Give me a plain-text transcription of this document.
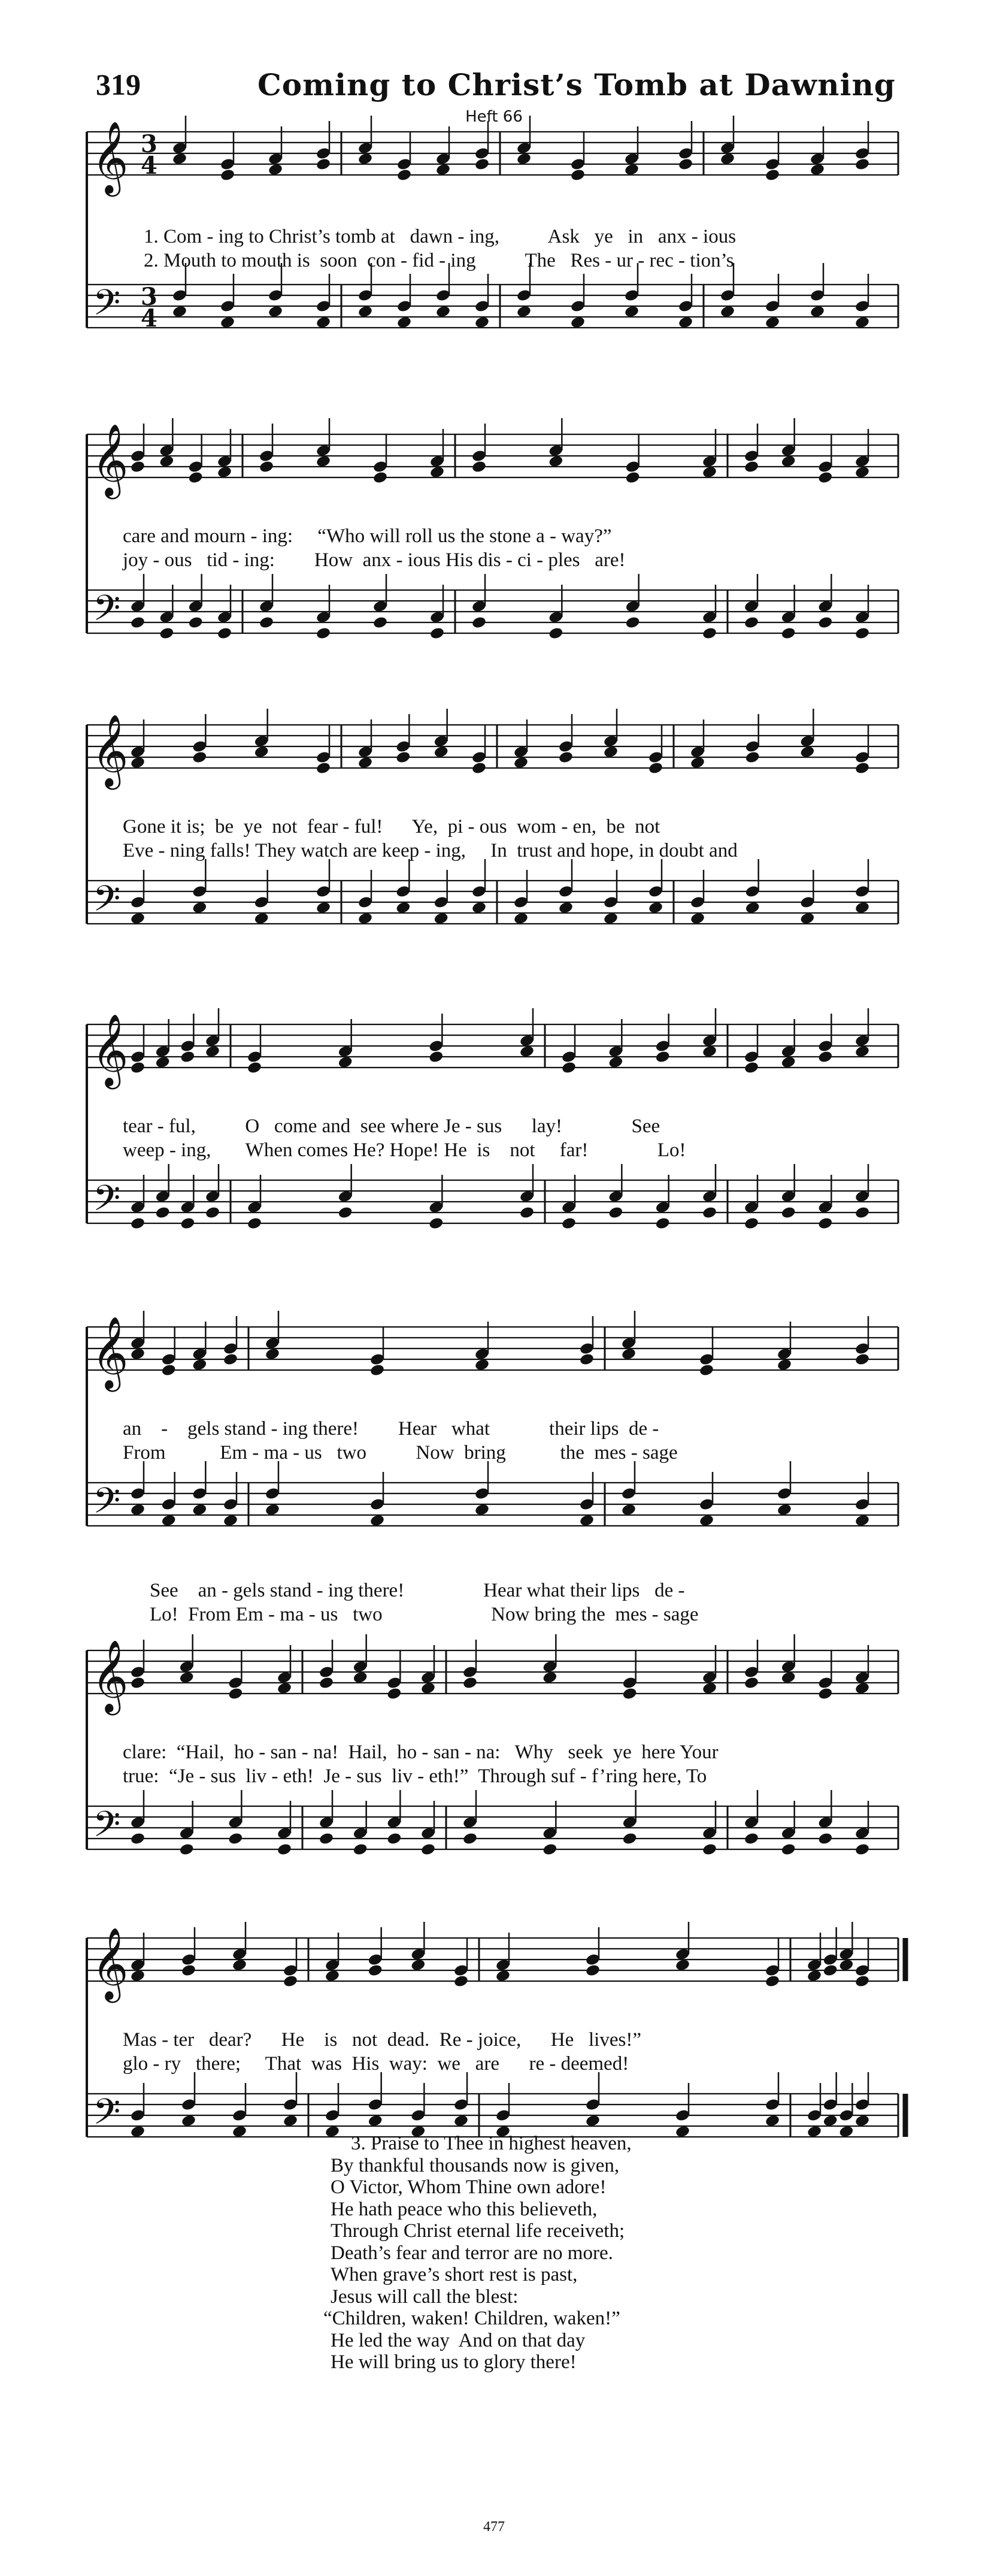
319	Coming to Christ’s Tomb at Dawning
Heft 66
𝄞
𝄢
3
4
3
4
1. Com - ing to Christ’s tomb at   dawn - ing,          Ask   ye   in   anx - ious
2. Mouth to mouth is  soon  con - fid - ing          The   Res - ur - rec - tion’s
𝄞
𝄢
care and mourn - ing:     “Who will roll us the stone a - way?”
joy - ous   tid - ing:        How  anx - ious His dis - ci - ples   are!
𝄞
𝄢
Gone it is;  be  ye  not  fear - ful!      Ye,  pi - ous  wom - en,  be  not
Eve - ning falls! They watch are keep - ing,     In  trust and hope, in doubt and
𝄞
𝄢
tear - ful,          O   come and  see where Je - sus      lay!              See
weep - ing,       When comes He? Hope! He  is    not     far!              Lo!
𝄞
𝄢
an    -    gels stand - ing there!        Hear   what            their lips  de -
From           Em - ma - us   two          Now  bring           the  mes - sage
See    an - gels stand - ing there!                Hear what their lips   de -
Lo!  From Em - ma - us   two                      Now bring the  mes - sage
𝄞
𝄢
clare:  “Hail,  ho - san - na!  Hail,  ho - san - na:   Why   seek  ye  here Your
true:  “Je - sus  liv - eth!  Je - sus  liv - eth!”  Through suf - f’ring here, To
𝄞
𝄢
Mas - ter   dear?      He    is   not  dead.  Re - joice,      He   lives!”
glo - ry   there;     That  was  His  way:  we   are      re - deemed!
3. Praise to Thee in highest heaven,
By thankful thousands now is given,
O Victor, Whom Thine own adore!
He hath peace who this believeth,
Through Christ eternal life receiveth;
Death’s fear and terror are no more.
When grave’s short rest is past,
Jesus will call the blest:
“Children, waken! Children, waken!”
He led the way  And on that day
He will bring us to glory there!
477
